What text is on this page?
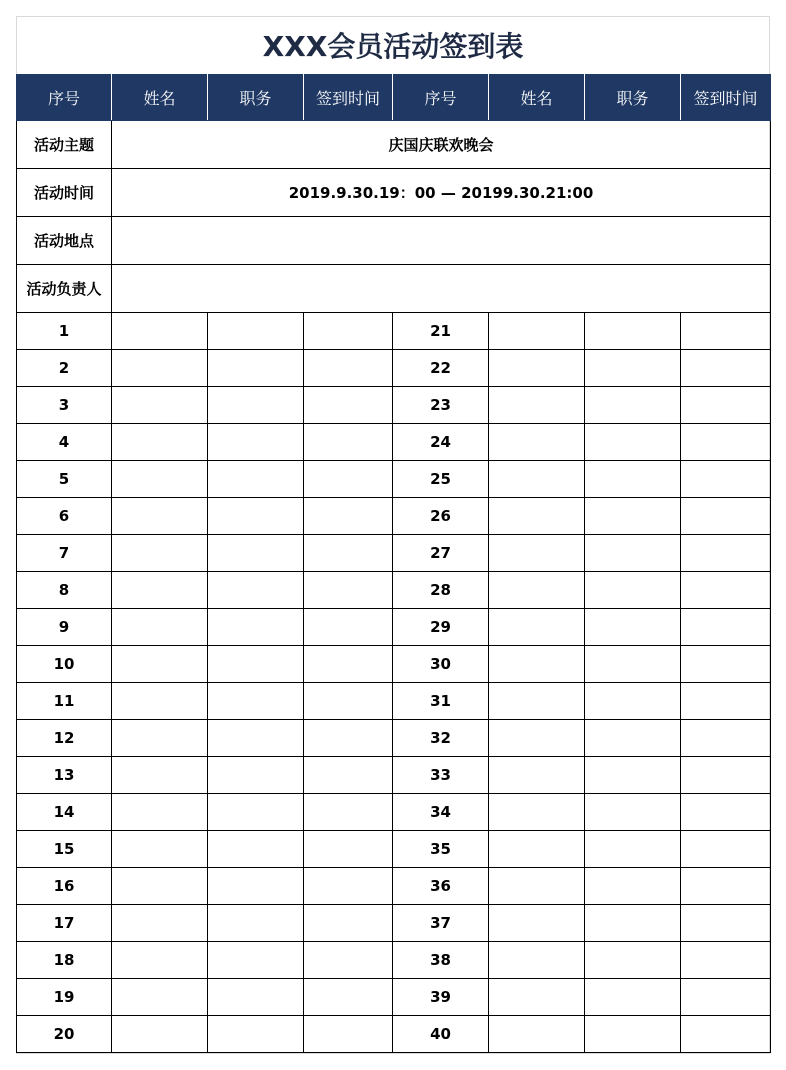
XXX会员活动签到表
活动主题	庆国庆联欢晚会						
活动时间	2019.9.30.19：00 — 20199.30.21:00						
活动地点							
活动负责人							
序号	姓名	职务	签到时间	序号	姓名	职务	签到时间
1				21			
2				22			
3				23			
4				24			
5				25			
6				26			
7				27			
8				28			
9				29			
10				30			
11				31			
12				32			
13				33			
14				34			
15				35			
16				36			
17				37			
18				38			
19				39			
20				40			
